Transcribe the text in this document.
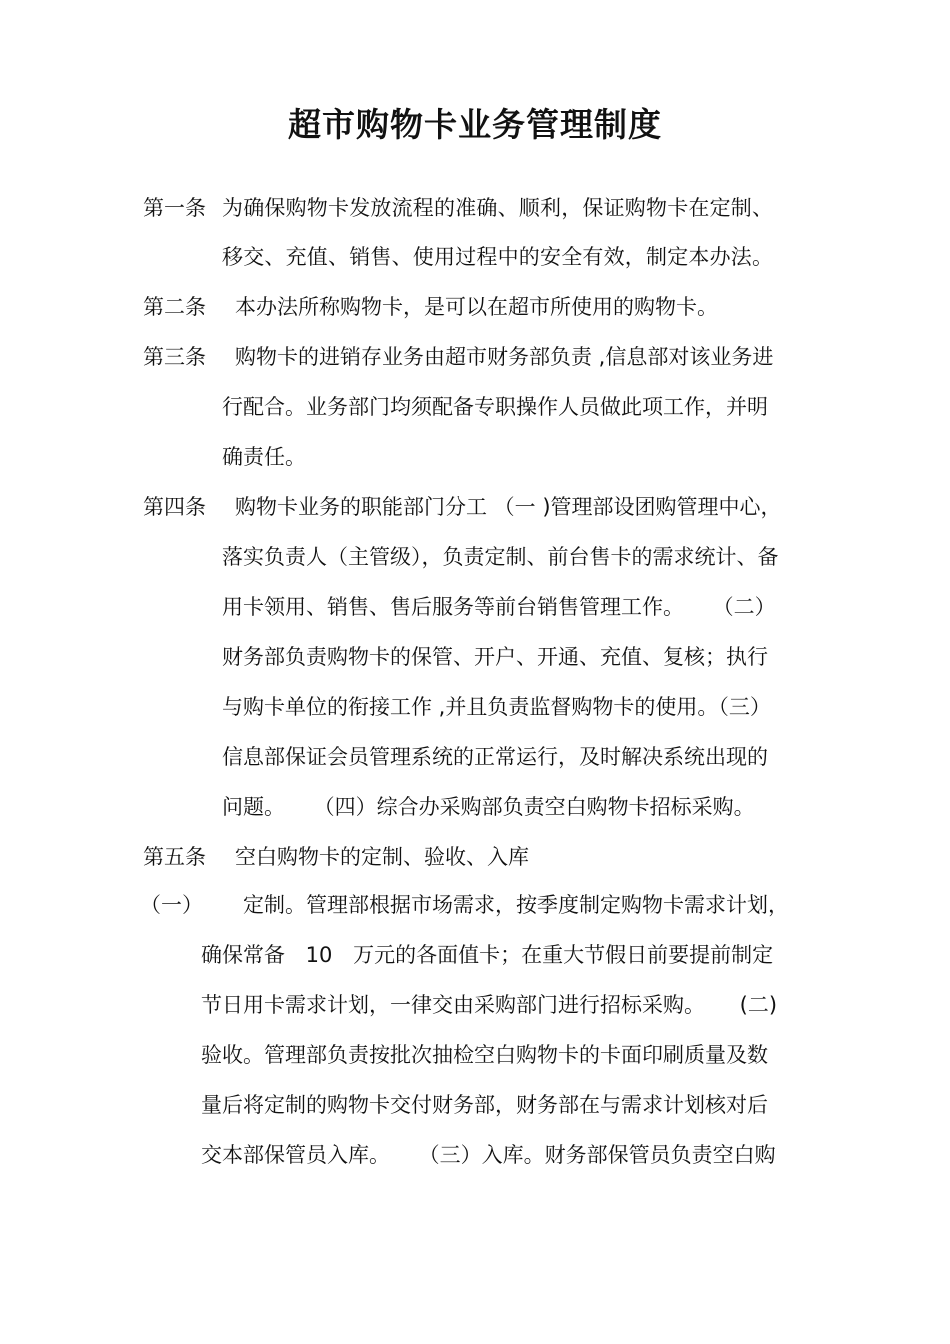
超市购物卡业务管理制度
第一条 为确保购物卡发放流程的准确、顺利，保证购物卡在定制、
移交、充值、销售、使用过程中的安全有效，制定本办法。
第二条 本办法所称购物卡，是可以在超市所使用的购物卡。
第三条 购物卡的进销存业务由超市财务部负责 ,信息部对该业务进
行配合。业务部门均须配备专职操作人员做此项工作，并明
确责任。
第四条 购物卡业务的职能部门分工 （一 )管理部设团购管理中心，
落实负责人（主管级），负责定制、前台售卡的需求统计、备
用卡领用、销售、售后服务等前台销售管理工作。 （二）
财务部负责购物卡的保管、开户、开通、充值、复核；执行
与购卡单位的衔接工作 ,并且负责监督购物卡的使用。（三）
信息部保证会员管理系统的正常运行，及时解决系统出现的
问题。 （四）综合办采购部负责空白购物卡招标采购。
第五条 空白购物卡的定制、验收、入库
（一） 定制。管理部根据市场需求，按季度制定购物卡需求计划，
确保常备 10 万元的各面值卡；在重大节假日前要提前制定
节日用卡需求计划，一律交由采购部门进行招标采购。 (二)
验收。管理部负责按批次抽检空白购物卡的卡面印刷质量及数
量后将定制的购物卡交付财务部，财务部在与需求计划核对后
交本部保管员入库。 （三）入库。财务部保管员负责空白购
